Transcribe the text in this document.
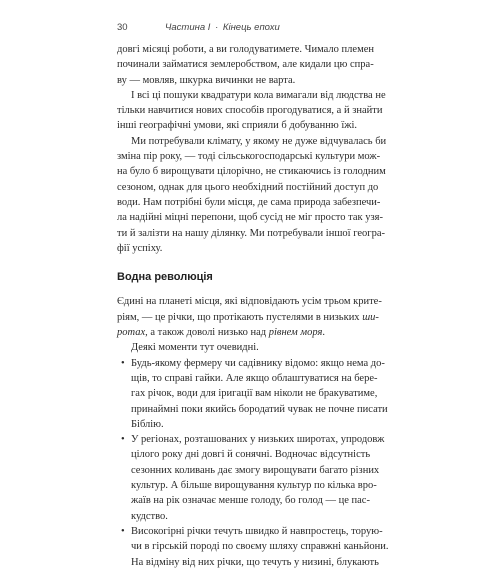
30	Частина I · Кінець епохи

довгі місяці роботи, а ви голодуватимете. Чимало племен

починали займатися землеробством, але кидали цю спра-

ву — мовляв, шкурка вичинки не варта.

І всі ці пошуки квадратури кола вимагали від людства не

тільки навчитися нових способів прогодуватися, а й знайти

іншi географічні умови, які сприяли б добуванню їжі.

Ми потребували клімату, у якому не дуже відчувалась би

зміна пір року, — тоді сільськогосподарські культури мож-

на було б вирощувати цілорічно, не стикаючись із голодним

сезоном, однак для цього необхідний постійний доступ до

води. Нам потрібні були місця, де сама природа забезпечи-

ла надійні міцні перепони, щоб сусід не міг просто так узя-

ти й залізти на нашу ділянку. Ми потребували іншої геогра-

фії успіху.

Водна революція

Єдині на планеті місця, які відповідають усім трьом крите-

ріям, — це річки, що протікають пустелями в низьких ши-

ротах, а також доволі низько над рівнем моря.

Деякі моменти тут очевидні.

• Будь-якому фермеру чи садівнику відомо: якщо нема до-

щів, то справі гайки. Але якщо облаштуватися на бере-

гах річок, води для іригації вам ніколи не бракуватиме,

принаймні поки якийсь бородатий чувак не почне писати

Біблію.

• У регіонах, розташованих у низьких широтах, упродовж

цілого року дні довгі й сонячні. Водночас відсутність

сезонних коливань дає змогу вирощувати багато різних

культур. А більше вирощування культур по кілька вро-

жаїв на рік означає менше голоду, бо голод — це пас-

кудство.

• Високогірні річки течуть швидко й навпростець, торую-

чи в гірській породі по своєму шляху справжні каньйони.

На відміну від них річки, що течуть у низині, блукають
